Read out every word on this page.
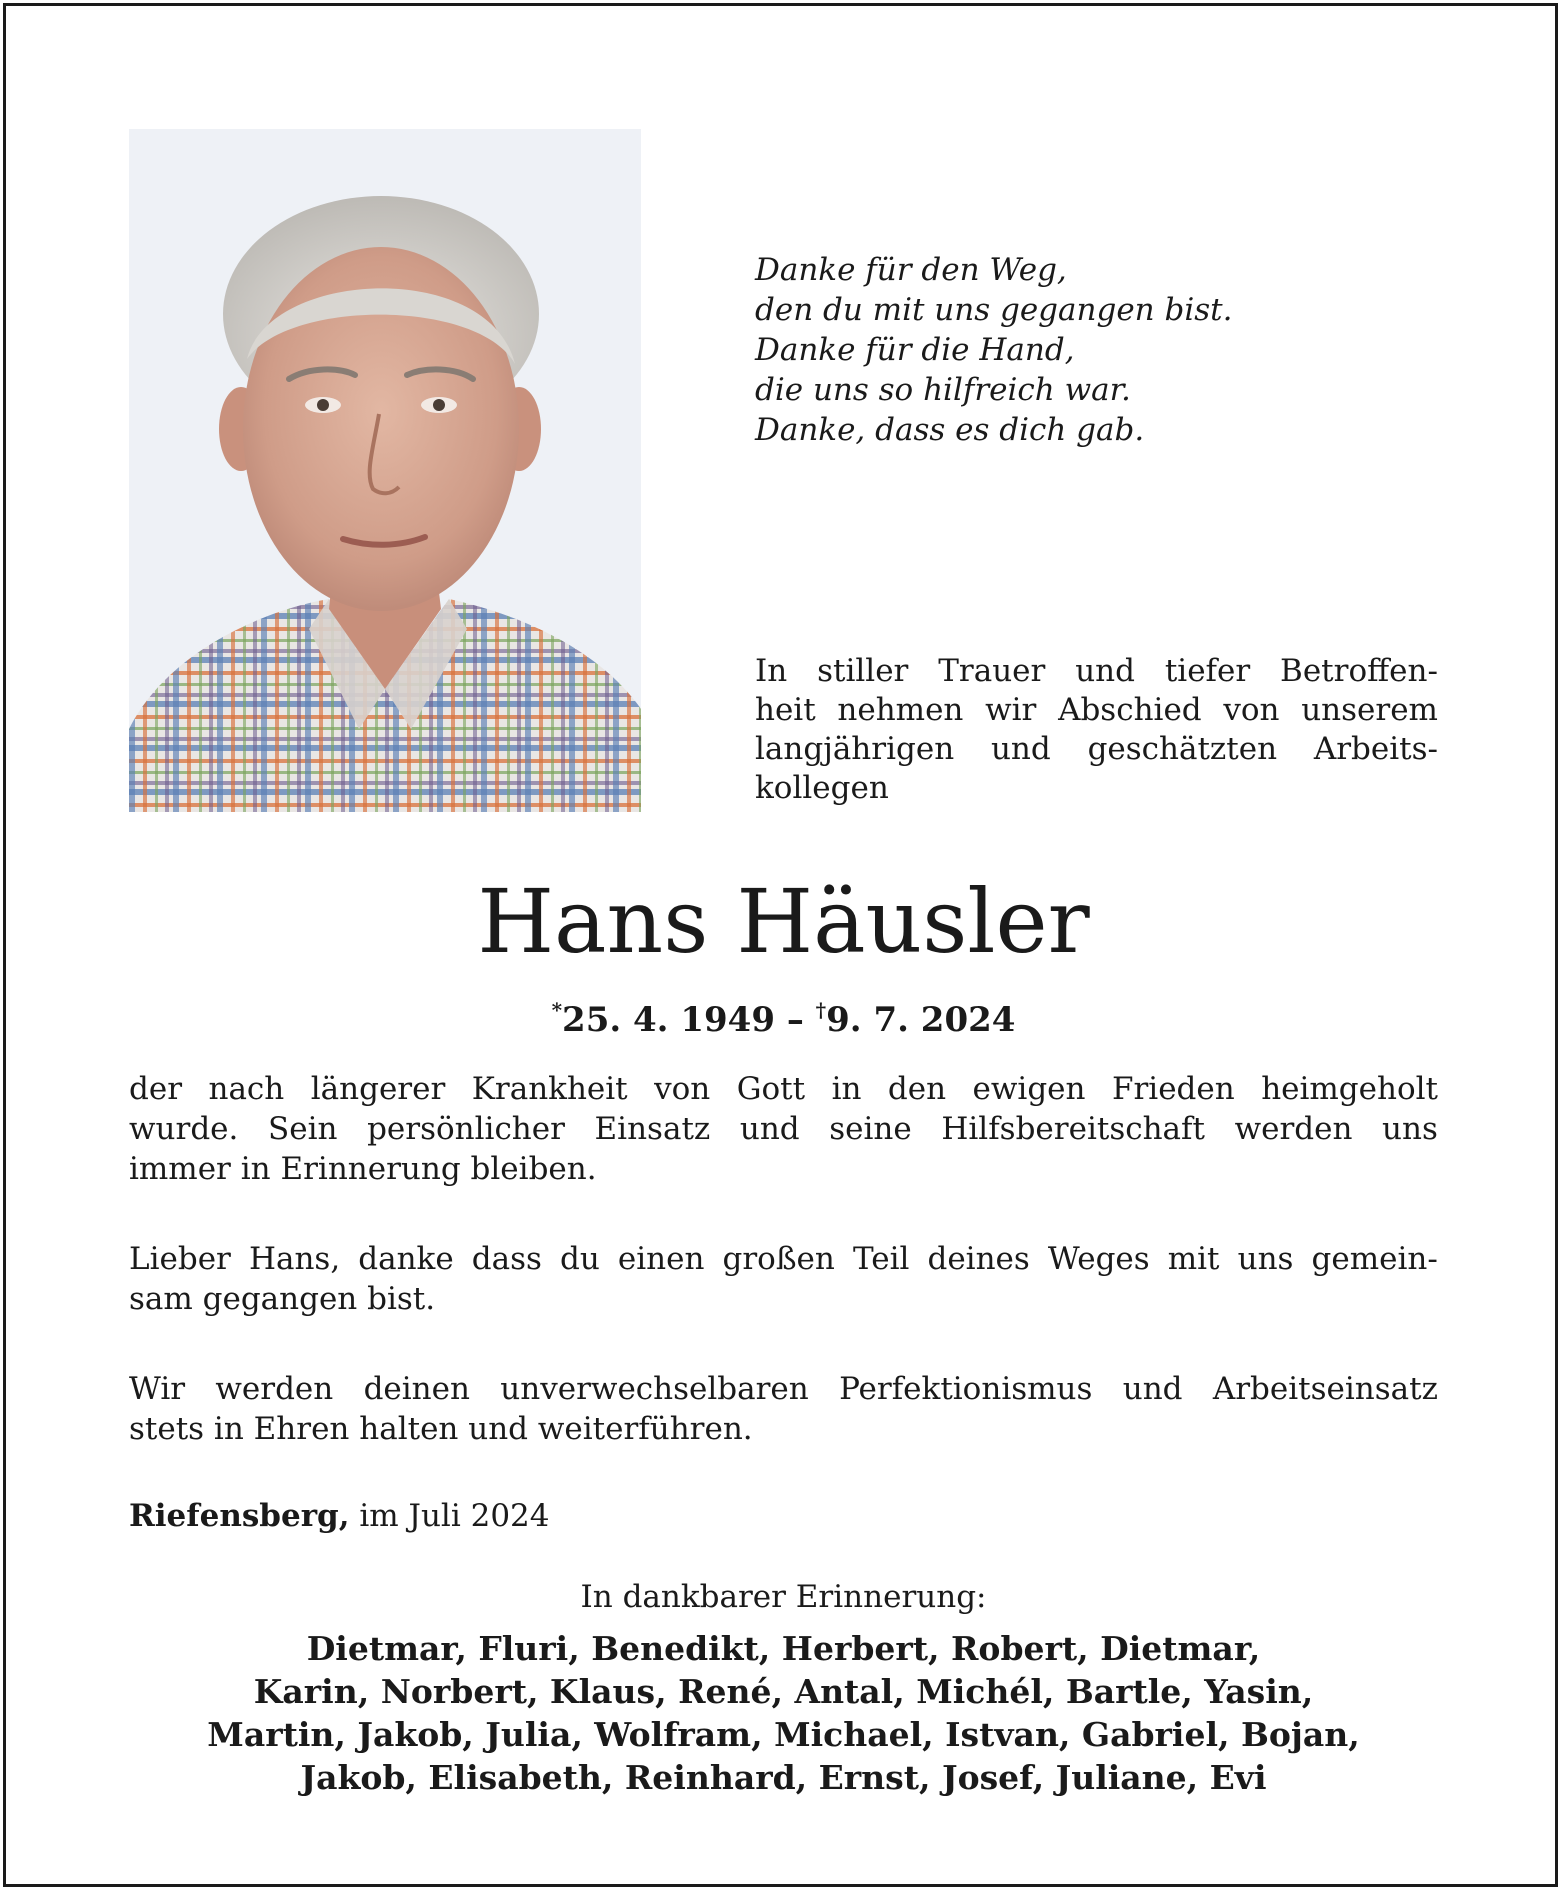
Danke für den Weg,
den du mit uns gegangen bist.
Danke für die Hand,
die uns so hilfreich war.
Danke, dass es dich gab.
In stiller Trauer und tiefer Betroffen-
heit nehmen wir Abschied von unserem
langjährigen und geschätzten Arbeits-
kollegen
Hans Häusler
*25. 4. 1949 – †9. 7. 2024
der nach längerer Krankheit von Gott in den ewigen Frieden heimgeholt
wurde. Sein persönlicher Einsatz und seine Hilfsbereitschaft werden uns
immer in Erinnerung bleiben.
Lieber Hans, danke dass du einen großen Teil deines Weges mit uns gemein-
sam gegangen bist.
Wir werden deinen unverwechselbaren Perfektionismus und Arbeitseinsatz
stets in Ehren halten und weiterführen.
Riefensberg, im Juli 2024
In dankbarer Erinnerung:
Dietmar, Fluri, Benedikt, Herbert, Robert, Dietmar,
Karin, Norbert, Klaus, René, Antal, Michél, Bartle, Yasin,
Martin, Jakob, Julia, Wolfram, Michael, Istvan, Gabriel, Bojan,
Jakob, Elisabeth, Reinhard, Ernst, Josef, Juliane, Evi
